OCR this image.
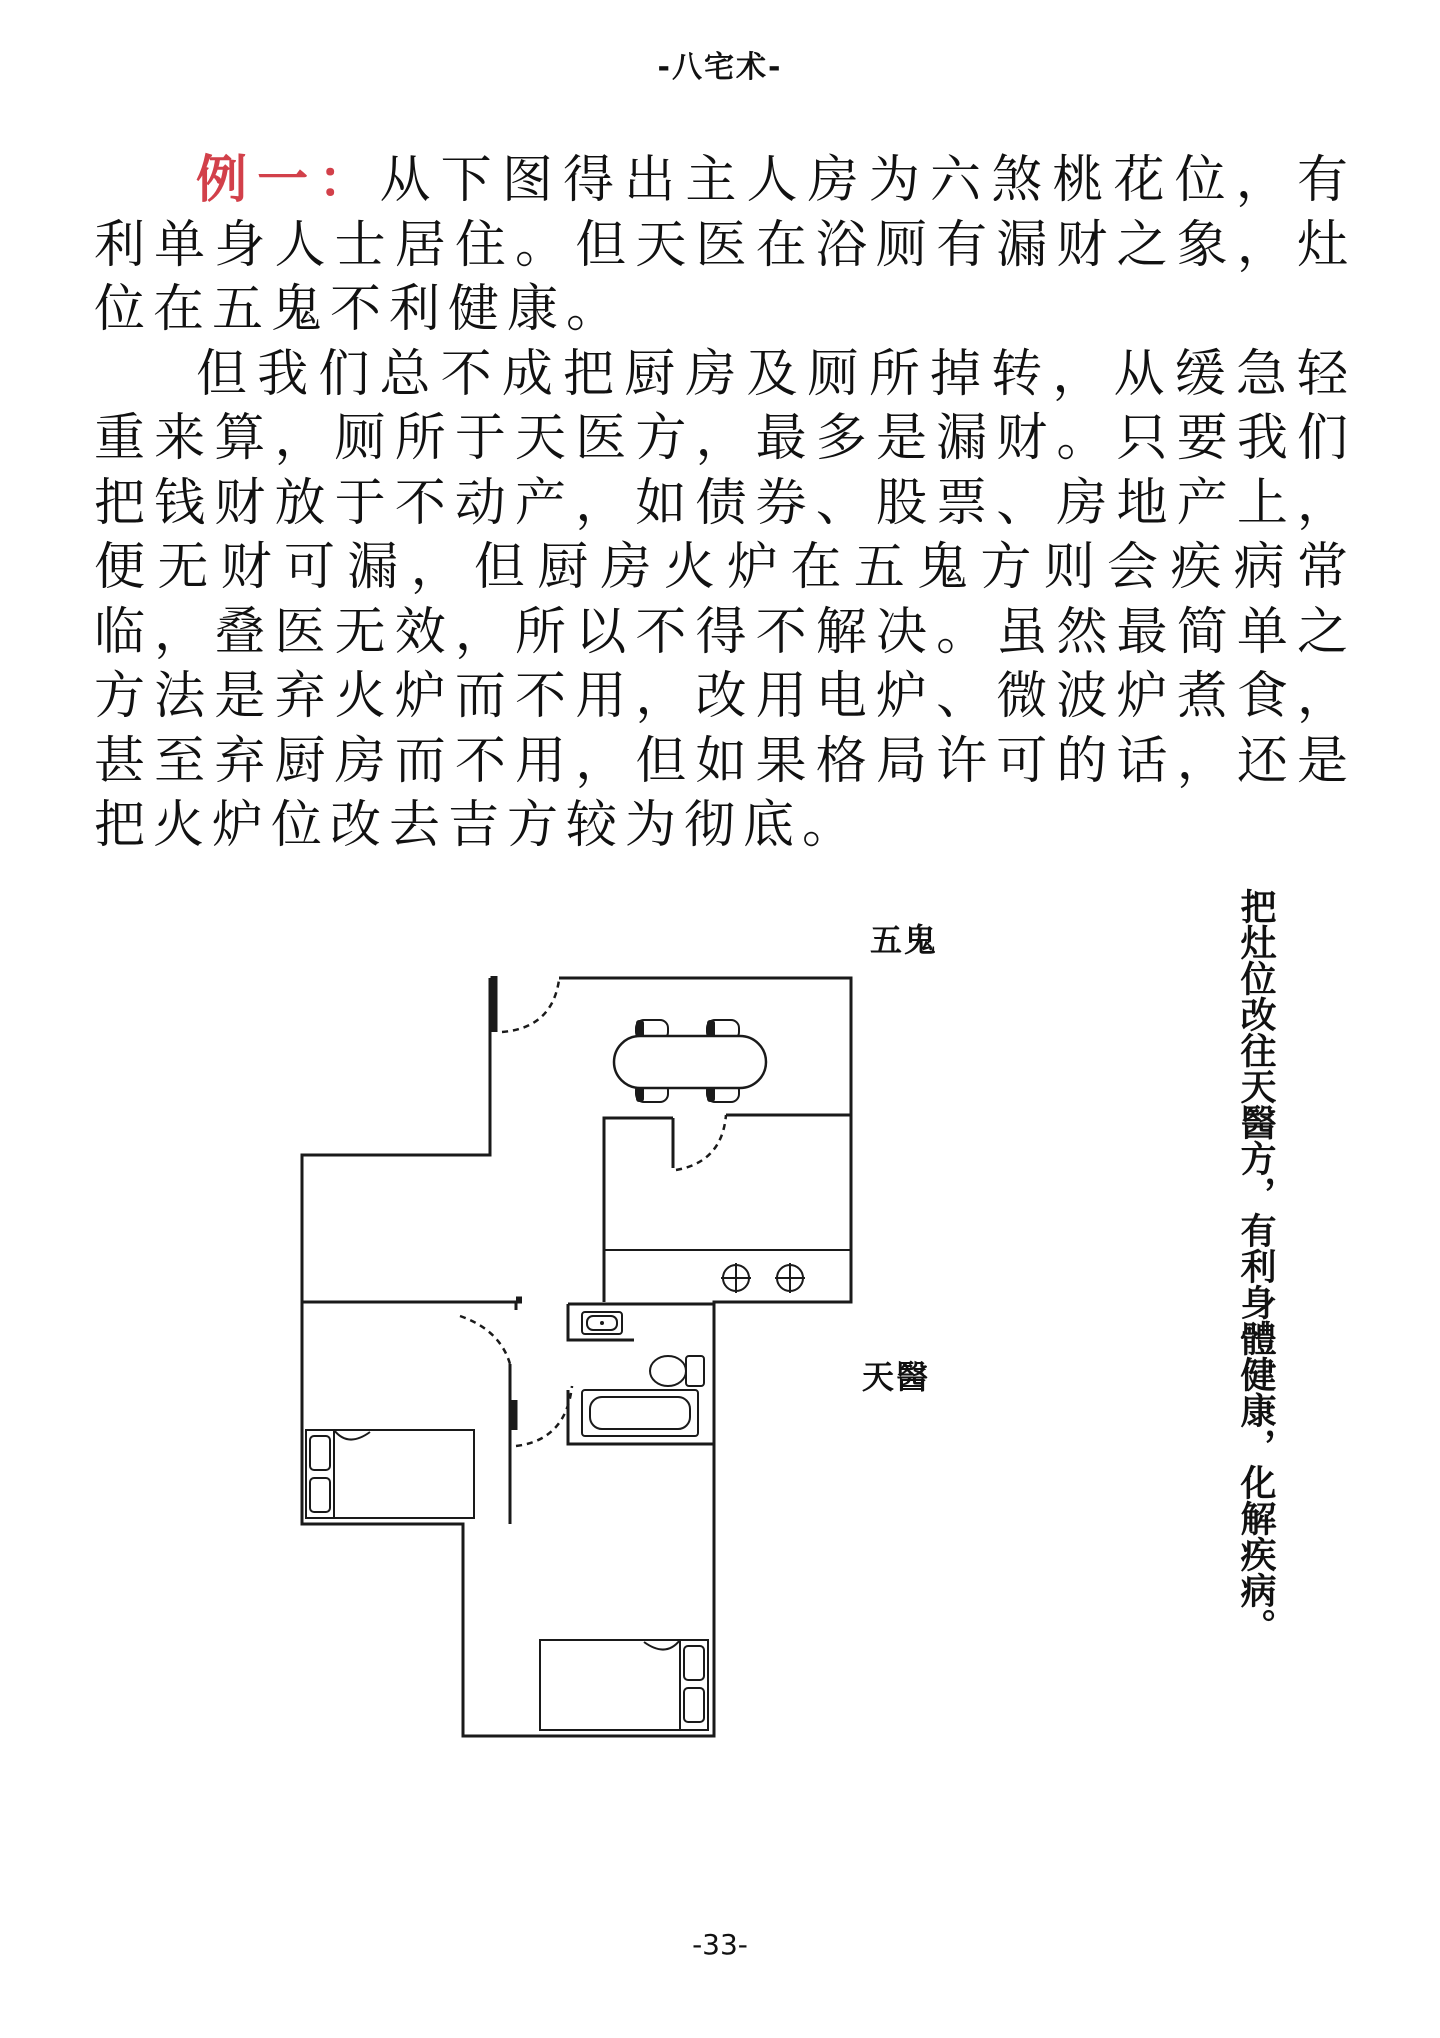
-八宅术-

例一：从下图得出主人房为六煞桃花位，有利单身人士居住。但天医在浴厕有漏财之象，灶位在五鬼不利健康。

但我们总不成把厨房及厕所掉转，从缓急轻重来算，厕所于天医方，最多是漏财。只要我们把钱财放于不动产，如债券、股票、房地产上，便无财可漏，但厨房火炉在五鬼方则会疾病常临，叠医无效，所以不得不解决。虽然最简单之方法是弃火炉而不用，改用电炉、微波炉煮食，甚至弃厨房而不用，但如果格局许可的话，还是把火炉位改去吉方较为彻底。

五鬼
天醫	把灶位改往天醫方，有利身體健康，化解疾病。
-33-
